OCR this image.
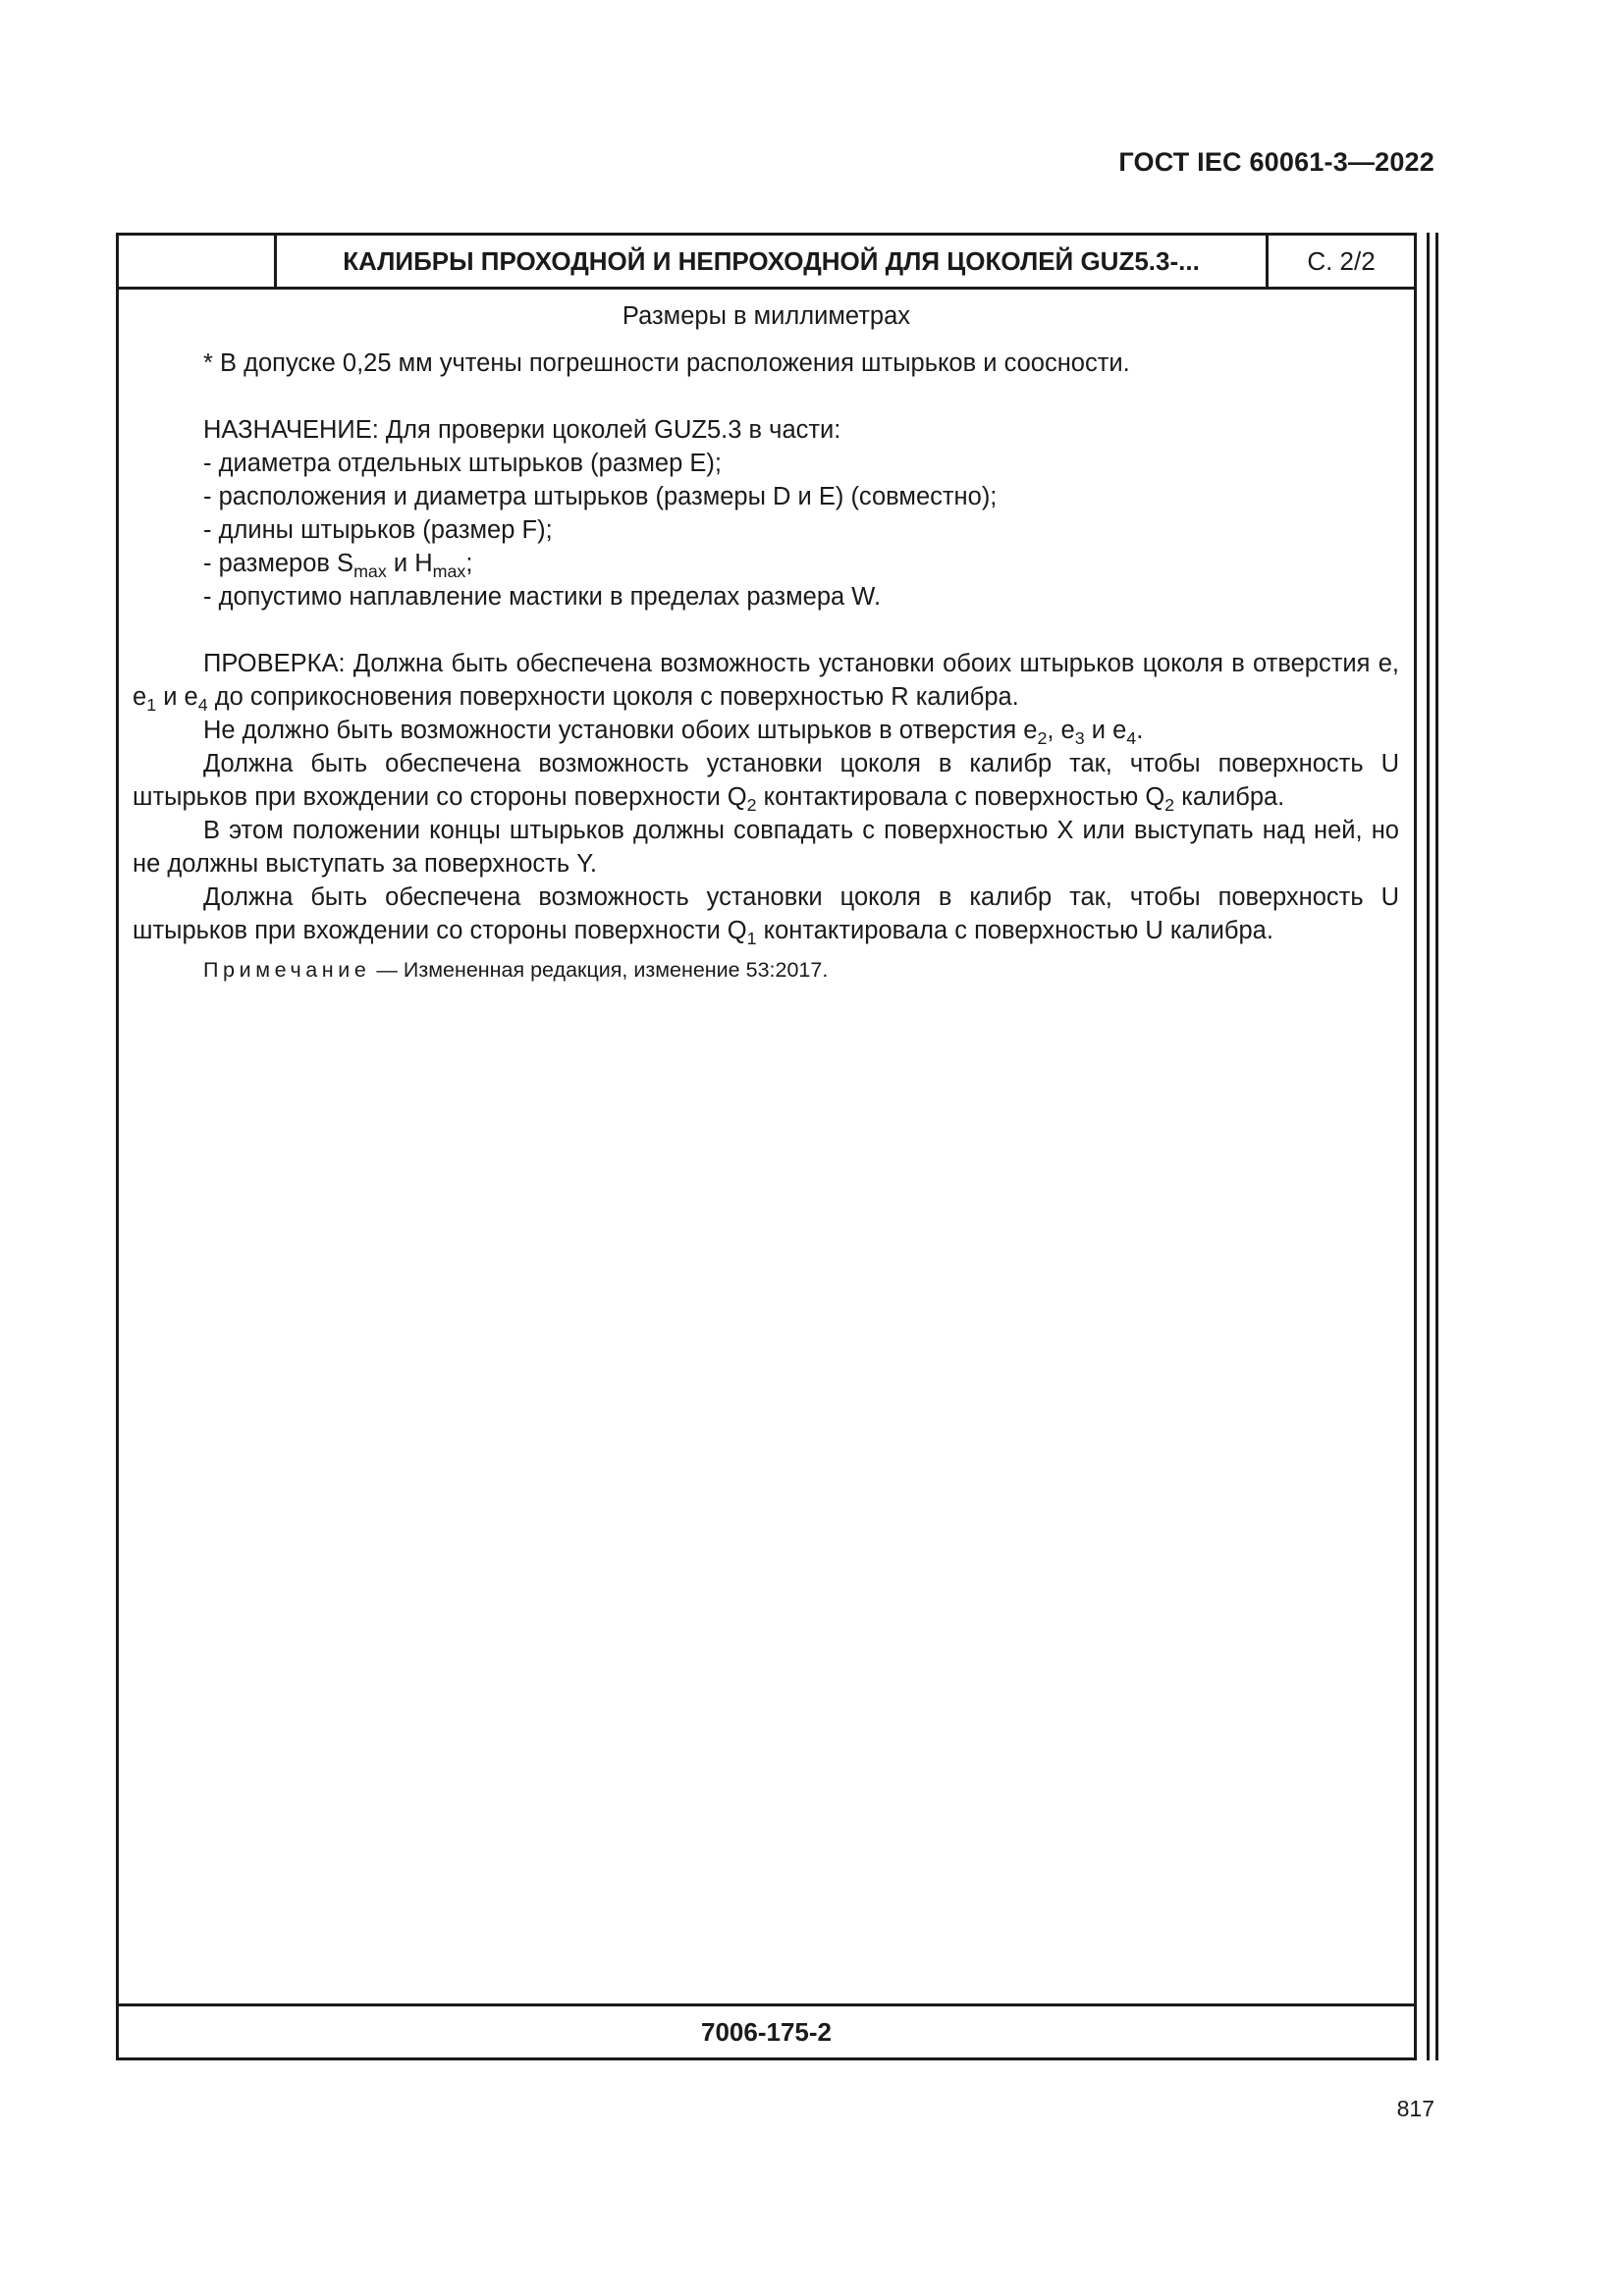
ГОСТ IEC 60061-3—2022
КАЛИБРЫ ПРОХОДНОЙ И НЕПРОХОДНОЙ ДЛЯ ЦОКОЛЕЙ GUZ5.3-...	С. 2/2
Размеры в миллиметрах
* В допуске 0,25 мм учтены погрешности расположения штырьков и соосности.
НАЗНАЧЕНИЕ: Для проверки цоколей GUZ5.3 в части:
- диаметра отдельных штырьков (размер E);
- расположения и диаметра штырьков (размеры D и E) (совместно);
- длины штырьков (размер F);
- размеров $S_{max}$ и $H_{max}$;
- допустимо наплавление мастики в пределах размера W.
ПРОВЕРКА: Должна быть обеспечена возможность установки обоих штырьков цоколя в отверстия e, $e_1$ и $e_4$ до соприкосновения поверхности цоколя с поверхностью R калибра.
Не должно быть возможности установки обоих штырьков в отверстия $e_2$, $e_3$ и $e_4$.
Должна быть обеспечена возможность установки цоколя в калибр так, чтобы поверхность U штырьков при вхождении со стороны поверхности $Q_2$ контактировала с поверхностью $Q_2$ калибра.
В этом положении концы штырьков должны совпадать с поверхностью X или выступать над ней, но не должны выступать за поверхность Y.
Должна быть обеспечена возможность установки цоколя в калибр так, чтобы поверхность U штырьков при вхождении со стороны поверхности $Q_1$ контактировала с поверхностью U калибра.
Примечание — Измененная редакция, изменение 53:2017.
7006-175-2
817
